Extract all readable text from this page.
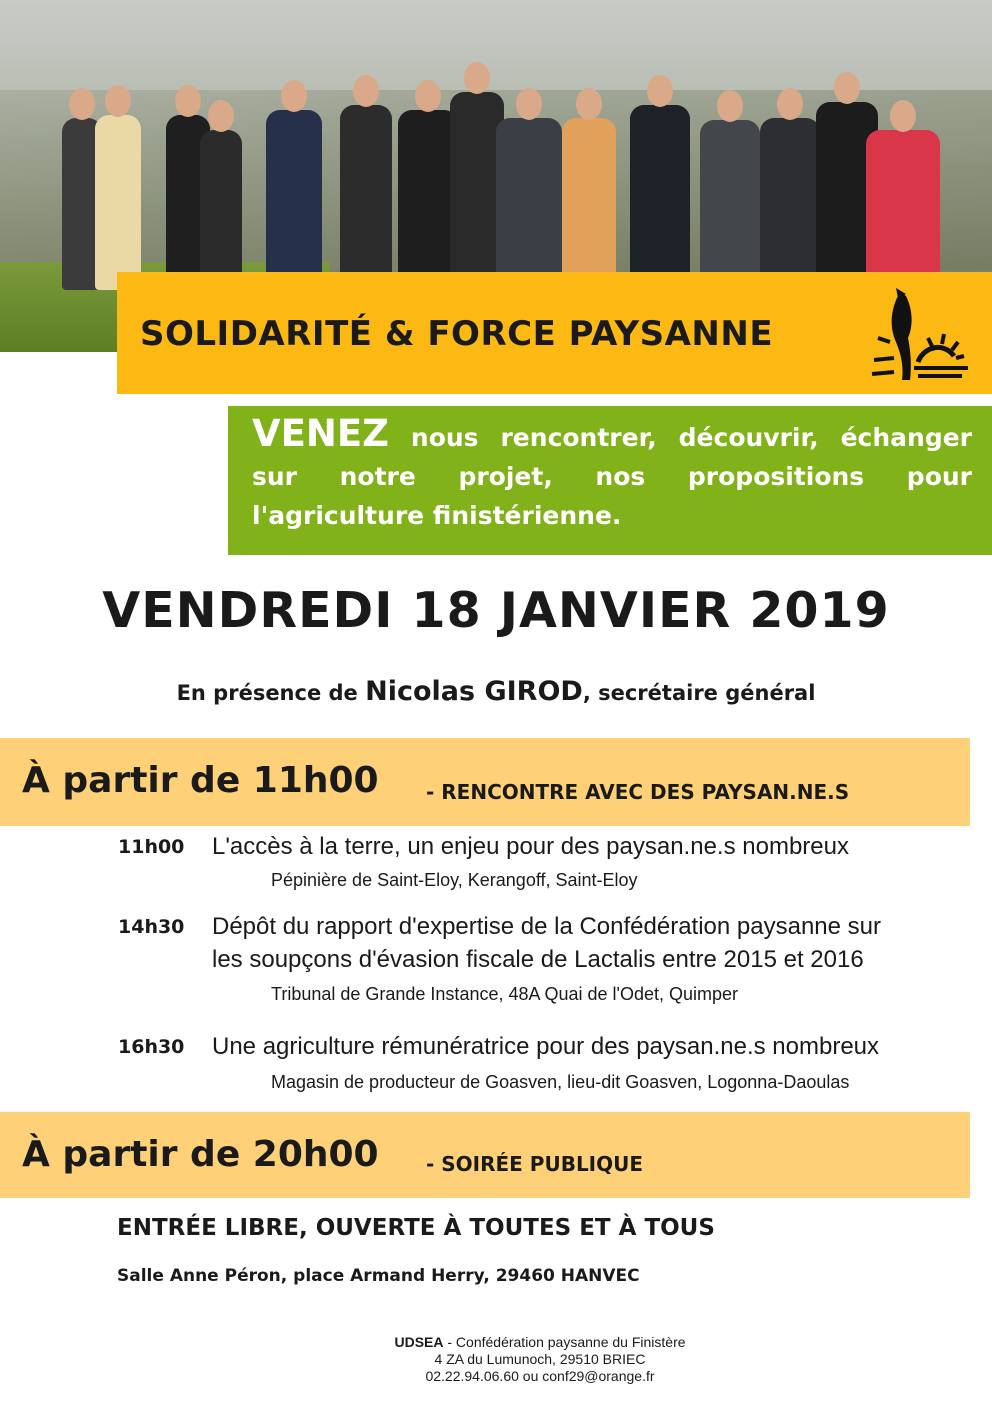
SOLIDARITÉ & FORCE PAYSANNE
VENEZ nous rencontrer, découvrir, échanger sur notre projet, nos propositions pour l'agriculture finistérienne.
VENDREDI 18 JANVIER 2019
En présence de Nicolas GIROD, secrétaire général
À partir de 11h00 - RENCONTRE AVEC DES PAYSAN.NE.S
11h00 L'accès à la terre, un enjeu pour des paysan.ne.s nombreux
Pépinière de Saint-Eloy, Kerangoff, Saint-Eloy
14h30 Dépôt du rapport d'expertise de la Confédération paysanne sur
les soupçons d'évasion fiscale de Lactalis entre 2015 et 2016
Tribunal de Grande Instance, 48A Quai de l'Odet, Quimper
16h30 Une agriculture rémunératrice pour des paysan.ne.s nombreux
Magasin de producteur de Goasven, lieu-dit Goasven, Logonna-Daoulas
À partir de 20h00 - SOIRÉE PUBLIQUE
ENTRÉE LIBRE, OUVERTE À TOUTES ET À TOUS
Salle Anne Péron, place Armand Herry, 29460 HANVEC
UDSEA - Confédération paysanne du Finistère
4 ZA du Lumunoch, 29510 BRIEC
02.22.94.06.60 ou conf29@orange.fr
